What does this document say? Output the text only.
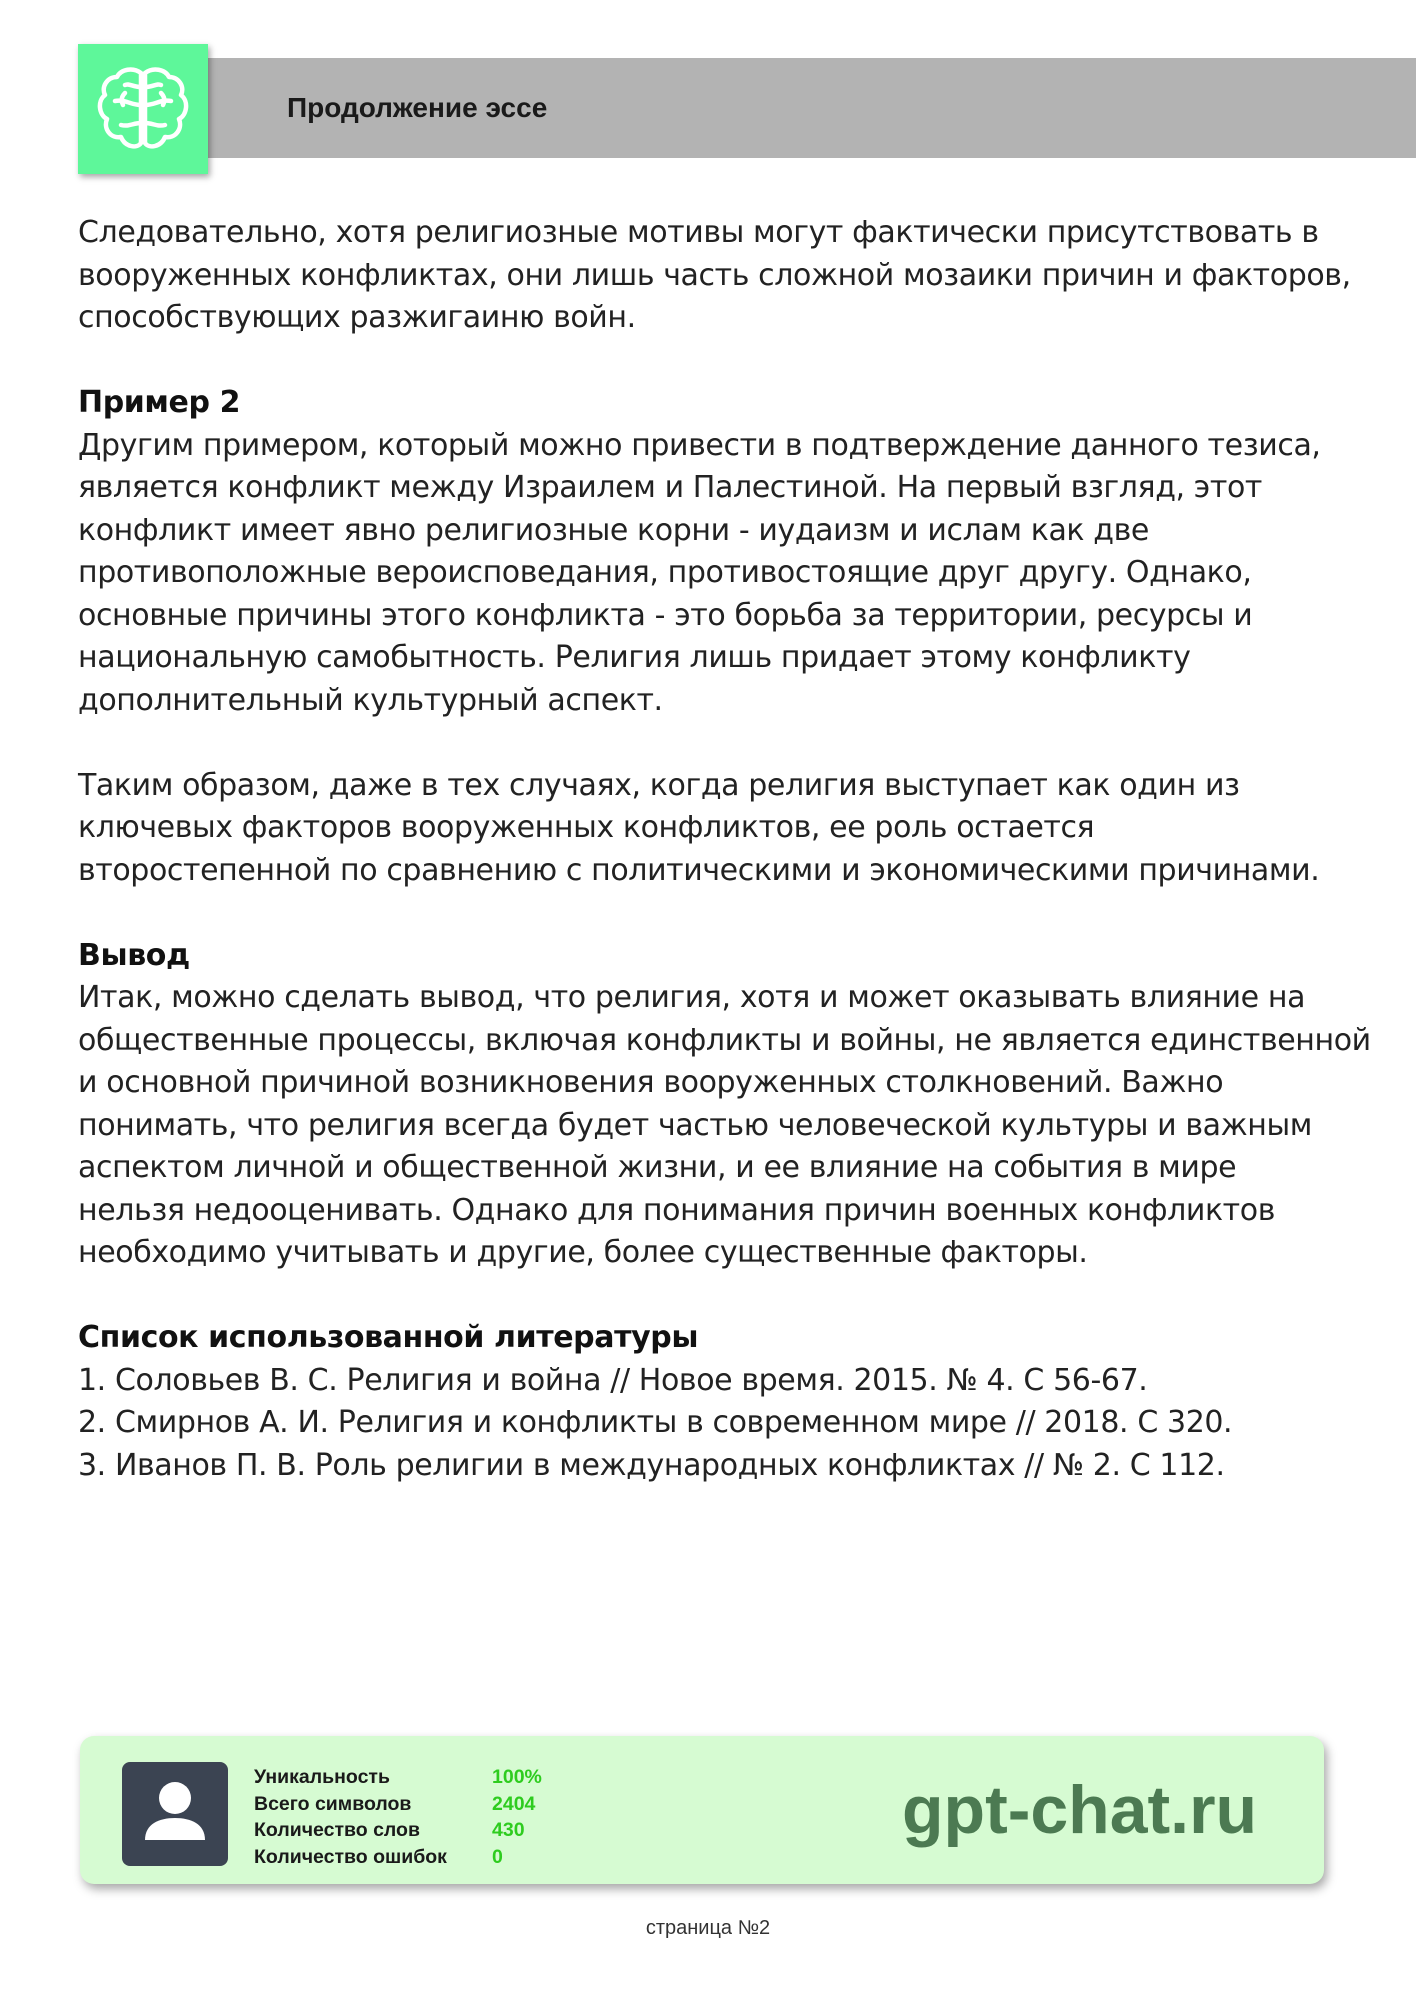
Продолжение эссе

Следовательно, хотя религиозные мотивы могут фактически присутствовать в

вооруженных конфликтах, они лишь часть сложной мозаики причин и факторов,

способствующих разжигаиню войн.

Пример 2

Другим примером, который можно привести в подтверждение данного тезиса,

является конфликт между Израилем и Палестиной. На первый взгляд, этот

конфликт имеет явно религиозные корни - иудаизм и ислам как две

противоположные вероисповедания, противостоящие друг другу. Однако,

основные причины этого конфликта - это борьба за территории, ресурсы и

национальную самобытность. Религия лишь придает этому конфликту

дополнительный культурный аспект.

Таким образом, даже в тех случаях, когда религия выступает как один из

ключевых факторов вооруженных конфликтов, ее роль остается

второстепенной по сравнению с политическими и экономическими причинами.

Вывод

Итак, можно сделать вывод, что религия, хотя и может оказывать влияние на

общественные процессы, включая конфликты и войны, не является единственной

и основной причиной возникновения вооруженных столкновений. Важно

понимать, что религия всегда будет частью человеческой культуры и важным

аспектом личной и общественной жизни, и ее влияние на события в мире

нельзя недооценивать. Однако для понимания причин военных конфликтов

необходимо учитывать и другие, более существенные факторы.

Список использованной литературы

1. Соловьев В. С. Религия и война // Новое время. 2015. № 4. С 56-67.

2. Смирнов А. И. Религия и конфликты в современном мире // 2018. С 320.

3. Иванов П. В. Роль религии в международных конфликтах // № 2. С 112.

Уникальность
Всего символов
Количество слов
Количество ошибок
100%
2404
430
0
gpt-chat.ru
страница №2
